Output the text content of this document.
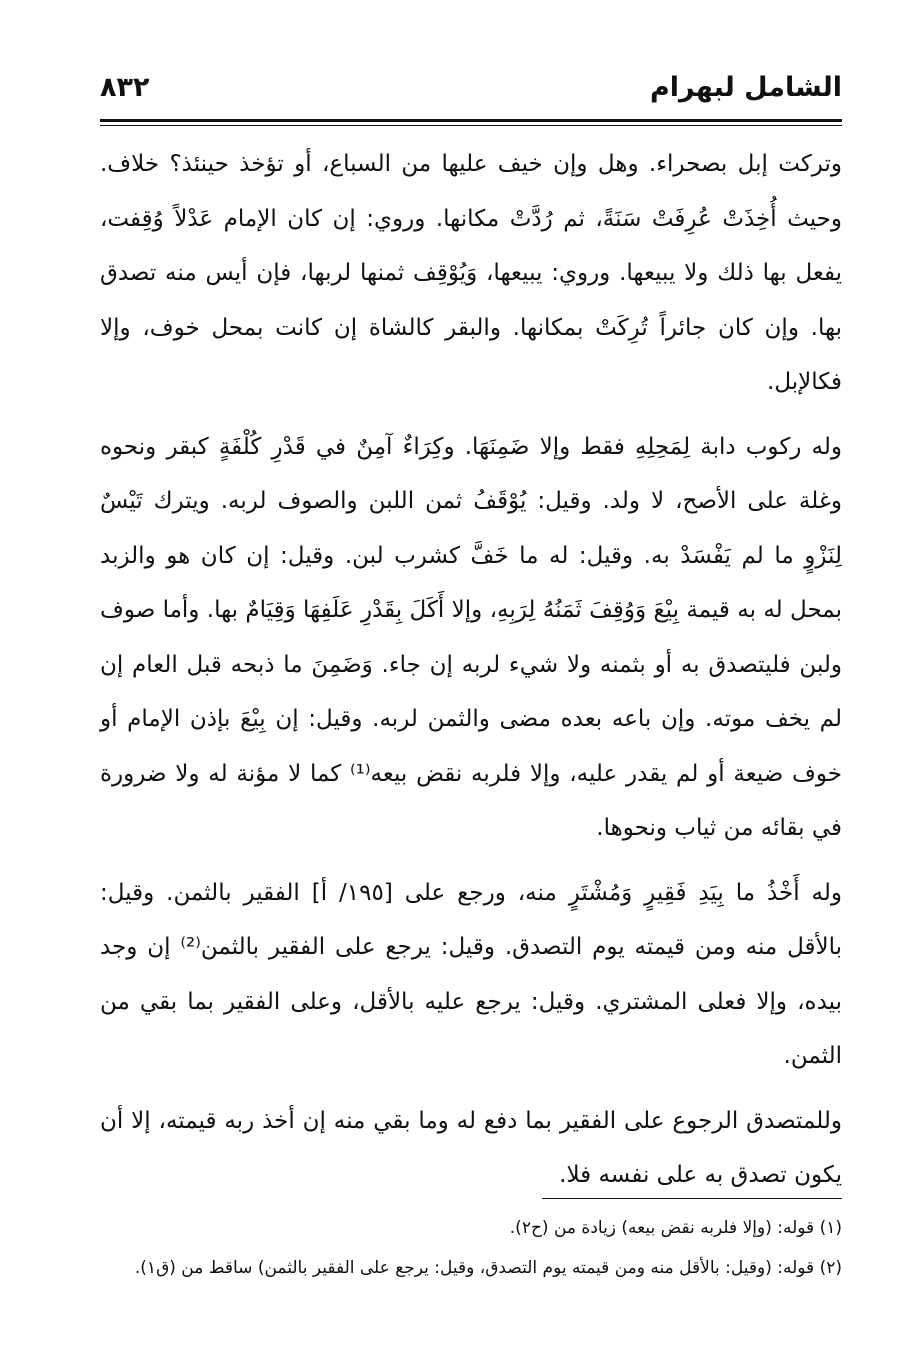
الشامل لبهرام
٨٣٢

وتركت إبل بصحراء. وهل وإن خيف عليها من السباع، أو تؤخذ حينئذ؟ خلاف. وحيث أُخِذَتْ عُرِفَتْ سَنَةً، ثم رُدَّتْ مكانها. وروي: إن كان الإمام عَدْلاً وُقِفت، يفعل بها ذلك ولا يبيعها. وروي: يبيعها، وَيُوْقِف ثمنها لربها، فإن أيس منه تصدق بها. وإن كان جائراً تُرِكَتْ بمكانها. والبقر كالشاة إن كانت بمحل خوف، وإلا فكالإبل.

وله ركوب دابة لِمَحِلِهِ فقط وإلا ضَمِنَهَا. وكِرَاءٌ آمِنٌ في قَدْرِ كُلْفَةٍ كبقر ونحوه وغلة على الأصح، لا ولد. وقيل: يُوْقَفُ ثمن اللبن والصوف لربه. ويترك تَيْسٌ لِنَزْوٍ ما لم يَفْسَدْ به. وقيل: له ما خَفَّ كشرب لبن. وقيل: إن كان هو والزبد بمحل له به قيمة بِيْعَ وَوُقِفَ ثَمَنُهُ لِرَبِهِ، وإلا أَكَلَ بِقَدْرِ عَلَفِهَا وَقِيَامٌ بها. وأما صوف ولبن فليتصدق به أو بثمنه ولا شيء لربه إن جاء. وَضَمِنَ ما ذبحه قبل العام إن لم يخف موته. وإن باعه بعده مضى والثمن لربه. وقيل: إن بِيْعَ بإذن الإمام أو خوف ضيعة أو لم يقدر عليه، وإلا فلربه نقض بيعه⁽¹⁾ كما لا مؤنة له ولا ضرورة في بقائه من ثياب ونحوها.

وله أَخْذُ ما بِيَدِ فَقِيرٍ وَمُشْتَرٍ منه، ورجع على [١٩٥/ أ] الفقير بالثمن. وقيل: بالأقل منه ومن قيمته يوم التصدق. وقيل: يرجع على الفقير بالثمن⁽²⁾ إن وجد بيده، وإلا فعلى المشتري. وقيل: يرجع عليه بالأقل، وعلى الفقير بما بقي من الثمن.

وللمتصدق الرجوع على الفقير بما دفع له وما بقي منه إن أخذ ربه قيمته، إلا أن يكون تصدق به على نفسه فلا.

(١) قوله: (وإلا فلربه نقض بيعه) زيادة من (ح٢).

(٢) قوله: (وقيل: بالأقل منه ومن قيمته يوم التصدق، وقيل: يرجع على الفقير بالثمن) ساقط من (ق١).
